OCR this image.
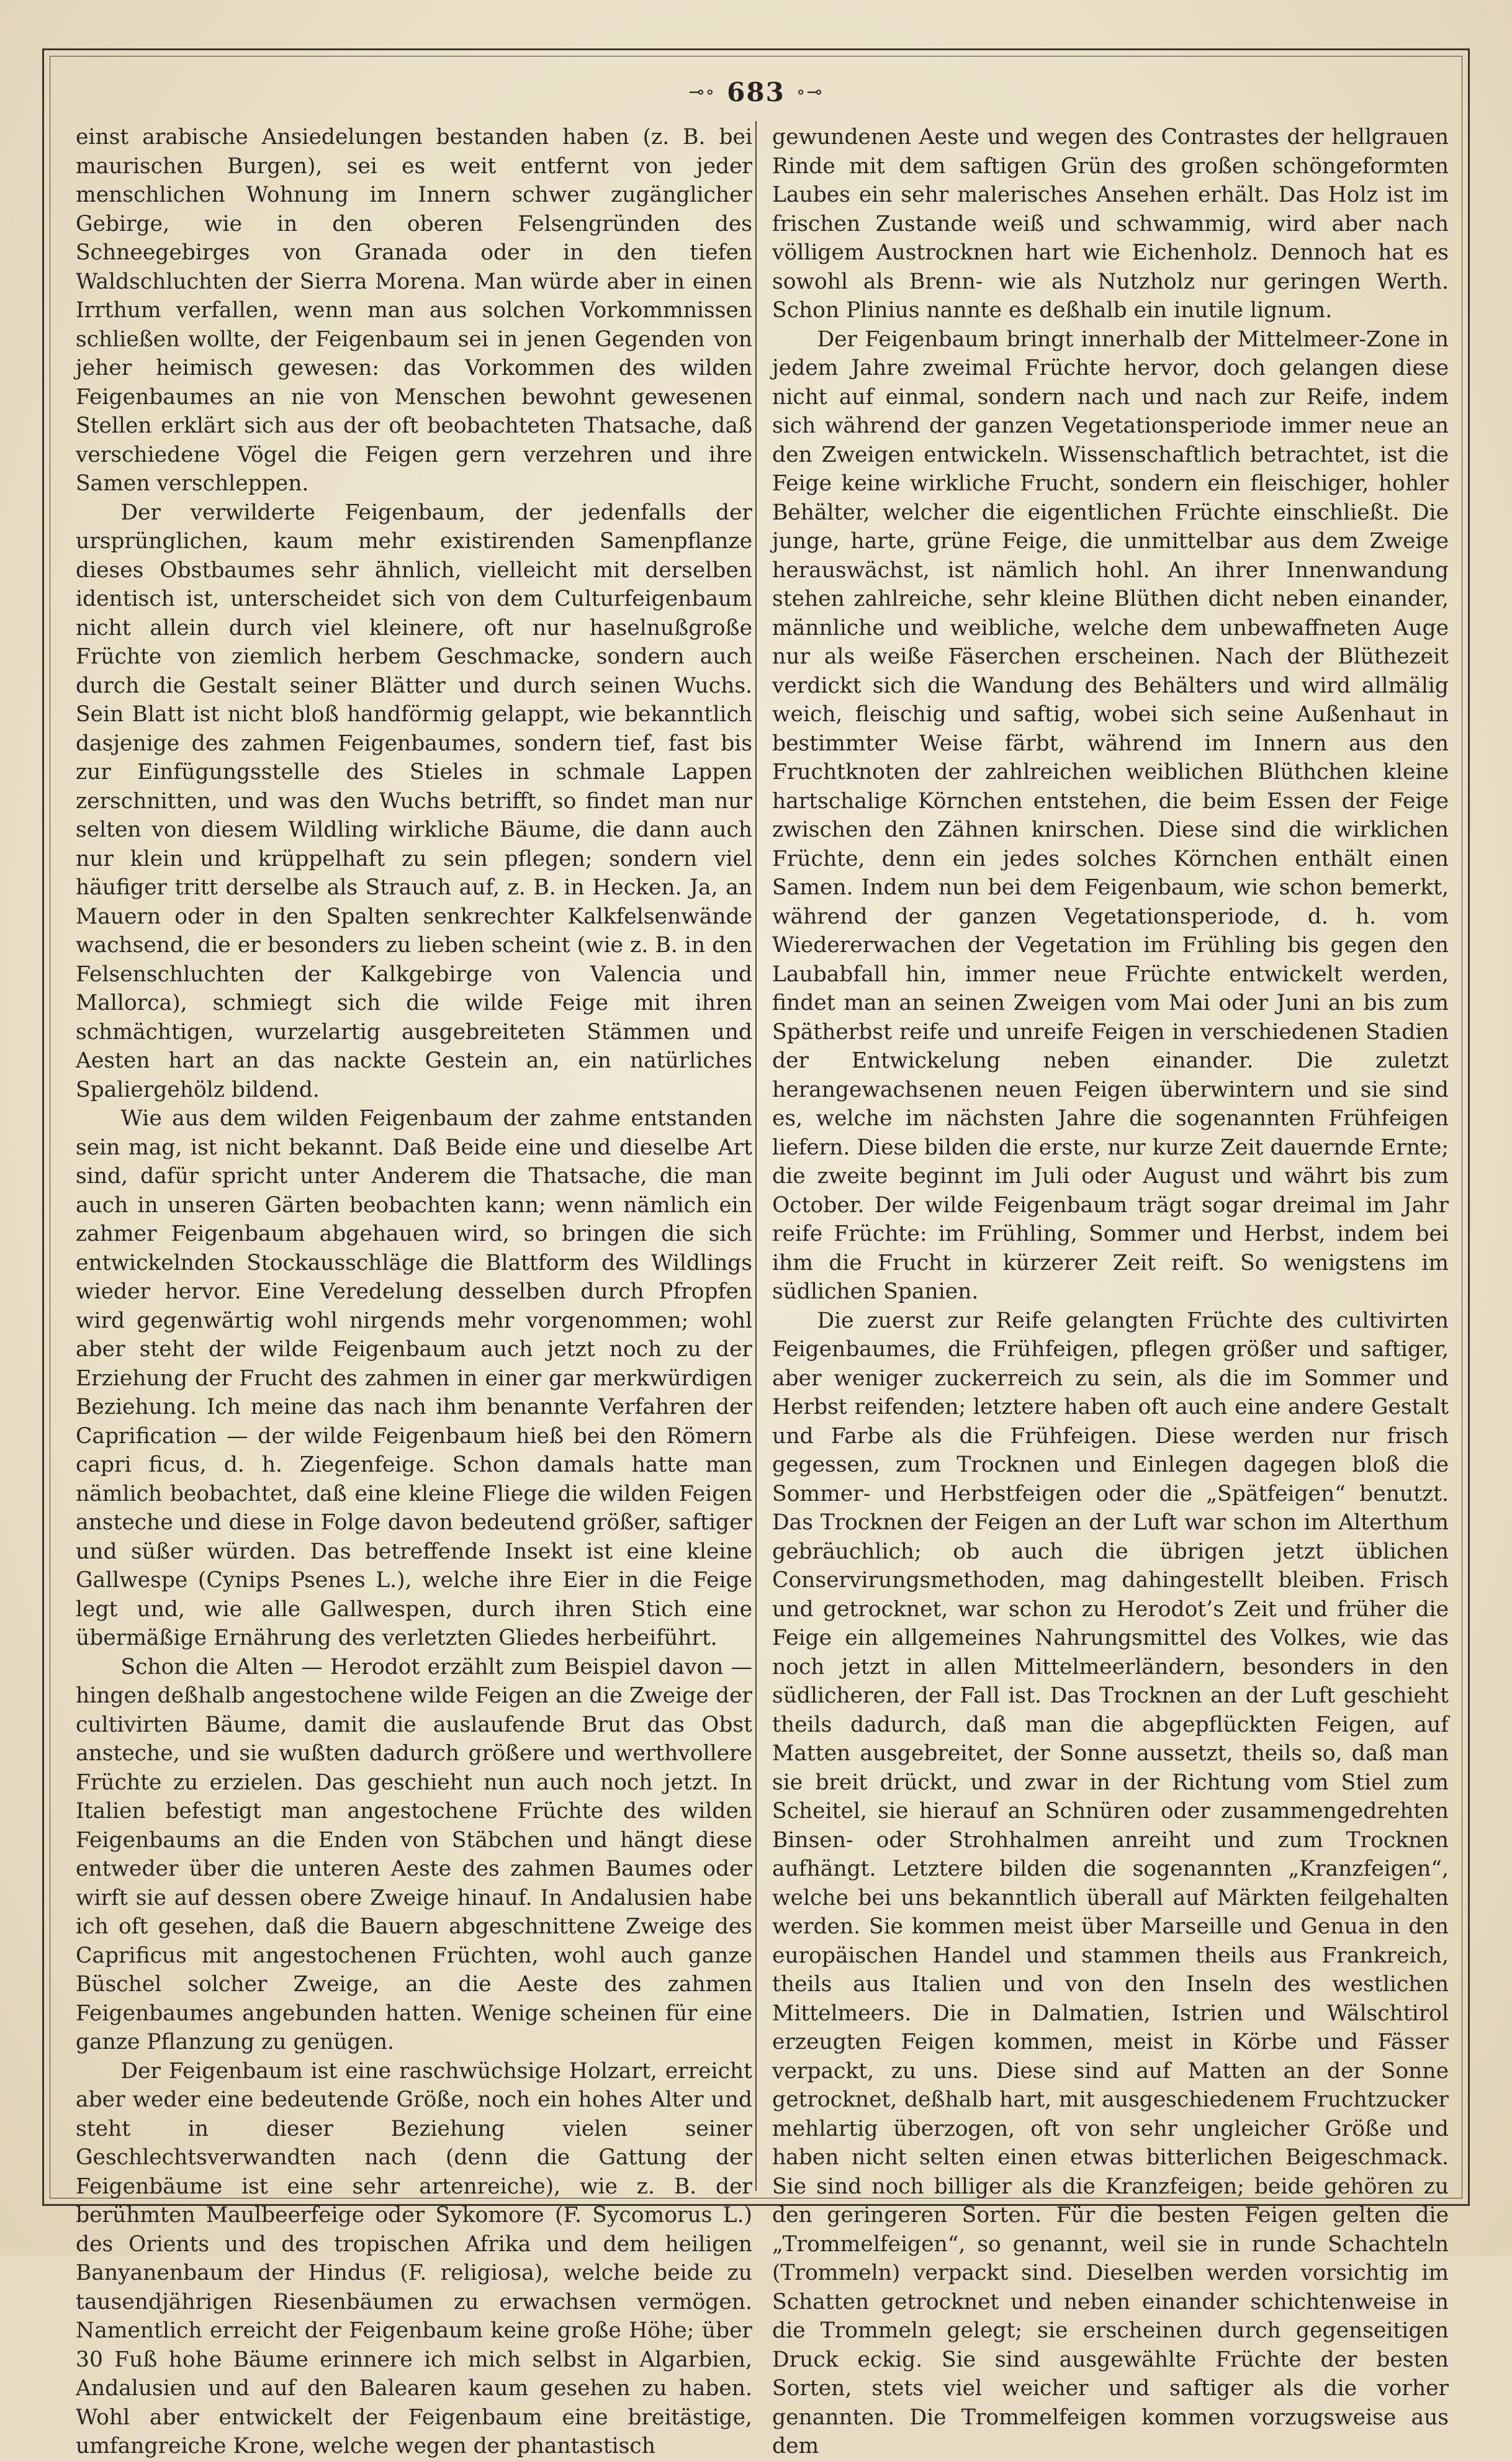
⊸∘ 683 ∘⊸

einst arabische Ansiedelungen bestanden haben (z. B. bei maurischen Burgen), sei es weit entfernt von jeder menschlichen Wohnung im Innern schwer zugänglicher Gebirge, wie in den oberen Felsengründen des Schneegebirges von Granada oder in den tiefen Waldschluchten der Sierra Morena. Man würde aber in einen Irrthum verfallen, wenn man aus solchen Vorkommnissen schließen wollte, der Feigenbaum sei in jenen Gegenden von jeher heimisch gewesen: das Vorkommen des wilden Feigenbaumes an nie von Menschen bewohnt gewesenen Stellen erklärt sich aus der oft beobachteten Thatsache, daß verschiedene Vögel die Feigen gern verzehren und ihre Samen verschleppen.

Der verwilderte Feigenbaum, der jedenfalls der ursprünglichen, kaum mehr existirenden Samenpflanze dieses Obstbaumes sehr ähnlich, vielleicht mit derselben identisch ist, unterscheidet sich von dem Culturfeigenbaum nicht allein durch viel kleinere, oft nur haselnußgroße Früchte von ziemlich herbem Geschmacke, sondern auch durch die Gestalt seiner Blätter und durch seinen Wuchs. Sein Blatt ist nicht bloß handförmig gelappt, wie bekanntlich dasjenige des zahmen Feigenbaumes, sondern tief, fast bis zur Einfügungsstelle des Stieles in schmale Lappen zerschnitten, und was den Wuchs betrifft, so findet man nur selten von diesem Wildling wirkliche Bäume, die dann auch nur klein und krüppelhaft zu sein pflegen; sondern viel häufiger tritt derselbe als Strauch auf, z. B. in Hecken. Ja, an Mauern oder in den Spalten senkrechter Kalkfelsenwände wachsend, die er besonders zu lieben scheint (wie z. B. in den Felsenschluchten der Kalkgebirge von Valencia und Mallorca), schmiegt sich die wilde Feige mit ihren schmächtigen, wurzelartig ausgebreiteten Stämmen und Aesten hart an das nackte Gestein an, ein natürliches Spaliergehölz bildend.

Wie aus dem wilden Feigenbaum der zahme entstanden sein mag, ist nicht bekannt. Daß Beide eine und dieselbe Art sind, dafür spricht unter Anderem die Thatsache, die man auch in unseren Gärten beobachten kann; wenn nämlich ein zahmer Feigenbaum abgehauen wird, so bringen die sich entwickelnden Stockausschläge die Blattform des Wildlings wieder hervor. Eine Veredelung desselben durch Pfropfen wird gegenwärtig wohl nirgends mehr vorgenommen; wohl aber steht der wilde Feigenbaum auch jetzt noch zu der Erziehung der Frucht des zahmen in einer gar merkwürdigen Beziehung. Ich meine das nach ihm benannte Verfahren der Caprification — der wilde Feigenbaum hieß bei den Römern capri ficus, d. h. Ziegenfeige. Schon damals hatte man nämlich beobachtet, daß eine kleine Fliege die wilden Feigen ansteche und diese in Folge davon bedeutend größer, saftiger und süßer würden. Das betreffende Insekt ist eine kleine Gallwespe (Cynips Psenes L.), welche ihre Eier in die Feige legt und, wie alle Gallwespen, durch ihren Stich eine übermäßige Ernährung des verletzten Gliedes herbeiführt.

Schon die Alten — Herodot erzählt zum Beispiel davon — hingen deßhalb angestochene wilde Feigen an die Zweige der cultivirten Bäume, damit die auslaufende Brut das Obst ansteche, und sie wußten dadurch größere und werthvollere Früchte zu erzielen. Das geschieht nun auch noch jetzt. In Italien befestigt man angestochene Früchte des wilden Feigenbaums an die Enden von Stäbchen und hängt diese entweder über die unteren Aeste des zahmen Baumes oder wirft sie auf dessen obere Zweige hinauf. In Andalusien habe ich oft gesehen, daß die Bauern abgeschnittene Zweige des Caprificus mit angestochenen Früchten, wohl auch ganze Büschel solcher Zweige, an die Aeste des zahmen Feigenbaumes angebunden hatten. Wenige scheinen für eine ganze Pflanzung zu genügen.

Der Feigenbaum ist eine raschwüchsige Holzart, erreicht aber weder eine bedeutende Größe, noch ein hohes Alter und steht in dieser Beziehung vielen seiner Geschlechtsverwandten nach (denn die Gattung der Feigenbäume ist eine sehr artenreiche), wie z. B. der berühmten Maulbeerfeige oder Sykomore (F. Sycomorus L.) des Orients und des tropischen Afrika und dem heiligen Banyanenbaum der Hindus (F. religiosa), welche beide zu tausendjährigen Riesenbäumen zu erwachsen vermögen. Namentlich erreicht der Feigenbaum keine große Höhe; über 30 Fuß hohe Bäume erinnere ich mich selbst in Algarbien, Andalusien und auf den Balearen kaum gesehen zu haben. Wohl aber entwickelt der Feigenbaum eine breitästige, umfangreiche Krone, welche wegen der phantastisch

gewundenen Aeste und wegen des Contrastes der hellgrauen Rinde mit dem saftigen Grün des großen schöngeformten Laubes ein sehr malerisches Ansehen erhält. Das Holz ist im frischen Zustande weiß und schwammig, wird aber nach völligem Austrocknen hart wie Eichenholz. Dennoch hat es sowohl als Brenn- wie als Nutzholz nur geringen Werth. Schon Plinius nannte es deßhalb ein inutile lignum.

Der Feigenbaum bringt innerhalb der Mittelmeer-Zone in jedem Jahre zweimal Früchte hervor, doch gelangen diese nicht auf einmal, sondern nach und nach zur Reife, indem sich während der ganzen Vegetationsperiode immer neue an den Zweigen entwickeln. Wissenschaftlich betrachtet, ist die Feige keine wirkliche Frucht, sondern ein fleischiger, hohler Behälter, welcher die eigentlichen Früchte einschließt. Die junge, harte, grüne Feige, die unmittelbar aus dem Zweige herauswächst, ist nämlich hohl. An ihrer Innenwandung stehen zahlreiche, sehr kleine Blüthen dicht neben einander, männliche und weibliche, welche dem unbewaffneten Auge nur als weiße Fäserchen erscheinen. Nach der Blüthezeit verdickt sich die Wandung des Behälters und wird allmälig weich, fleischig und saftig, wobei sich seine Außenhaut in bestimmter Weise färbt, während im Innern aus den Fruchtknoten der zahlreichen weiblichen Blüthchen kleine hartschalige Körnchen entstehen, die beim Essen der Feige zwischen den Zähnen knirschen. Diese sind die wirklichen Früchte, denn ein jedes solches Körnchen enthält einen Samen. Indem nun bei dem Feigenbaum, wie schon bemerkt, während der ganzen Vegetationsperiode, d. h. vom Wiedererwachen der Vegetation im Frühling bis gegen den Laubabfall hin, immer neue Früchte entwickelt werden, findet man an seinen Zweigen vom Mai oder Juni an bis zum Spätherbst reife und unreife Feigen in verschiedenen Stadien der Entwickelung neben einander. Die zuletzt herangewachsenen neuen Feigen überwintern und sie sind es, welche im nächsten Jahre die sogenannten Frühfeigen liefern. Diese bilden die erste, nur kurze Zeit dauernde Ernte; die zweite beginnt im Juli oder August und währt bis zum October. Der wilde Feigenbaum trägt sogar dreimal im Jahr reife Früchte: im Frühling, Sommer und Herbst, indem bei ihm die Frucht in kürzerer Zeit reift. So wenigstens im südlichen Spanien.

Die zuerst zur Reife gelangten Früchte des cultivirten Feigenbaumes, die Frühfeigen, pflegen größer und saftiger, aber weniger zuckerreich zu sein, als die im Sommer und Herbst reifenden; letztere haben oft auch eine andere Gestalt und Farbe als die Frühfeigen. Diese werden nur frisch gegessen, zum Trocknen und Einlegen dagegen bloß die Sommer- und Herbstfeigen oder die „Spätfeigen“ benutzt. Das Trocknen der Feigen an der Luft war schon im Alterthum gebräuchlich; ob auch die übrigen jetzt üblichen Conservirungsmethoden, mag dahingestellt bleiben. Frisch und getrocknet, war schon zu Herodot’s Zeit und früher die Feige ein allgemeines Nahrungsmittel des Volkes, wie das noch jetzt in allen Mittelmeerländern, besonders in den südlicheren, der Fall ist. Das Trocknen an der Luft geschieht theils dadurch, daß man die abgepflückten Feigen, auf Matten ausgebreitet, der Sonne aussetzt, theils so, daß man sie breit drückt, und zwar in der Richtung vom Stiel zum Scheitel, sie hierauf an Schnüren oder zusammengedrehten Binsen- oder Strohhalmen anreiht und zum Trocknen aufhängt. Letztere bilden die sogenannten „Kranzfeigen“, welche bei uns bekanntlich überall auf Märkten feilgehalten werden. Sie kommen meist über Marseille und Genua in den europäischen Handel und stammen theils aus Frankreich, theils aus Italien und von den Inseln des westlichen Mittelmeers. Die in Dalmatien, Istrien und Wälschtirol erzeugten Feigen kommen, meist in Körbe und Fässer verpackt, zu uns. Diese sind auf Matten an der Sonne getrocknet, deßhalb hart, mit ausgeschiedenem Fruchtzucker mehlartig überzogen, oft von sehr ungleicher Größe und haben nicht selten einen etwas bitterlichen Beigeschmack. Sie sind noch billiger als die Kranzfeigen; beide gehören zu den geringeren Sorten. Für die besten Feigen gelten die „Trommelfeigen“, so genannt, weil sie in runde Schachteln (Trommeln) verpackt sind. Dieselben werden vorsichtig im Schatten getrocknet und neben einander schichtenweise in die Trommeln gelegt; sie erscheinen durch gegenseitigen Druck eckig. Sie sind ausgewählte Früchte der besten Sorten, stets viel weicher und saftiger als die vorher genannten. Die Trommelfeigen kommen vorzugsweise aus dem
